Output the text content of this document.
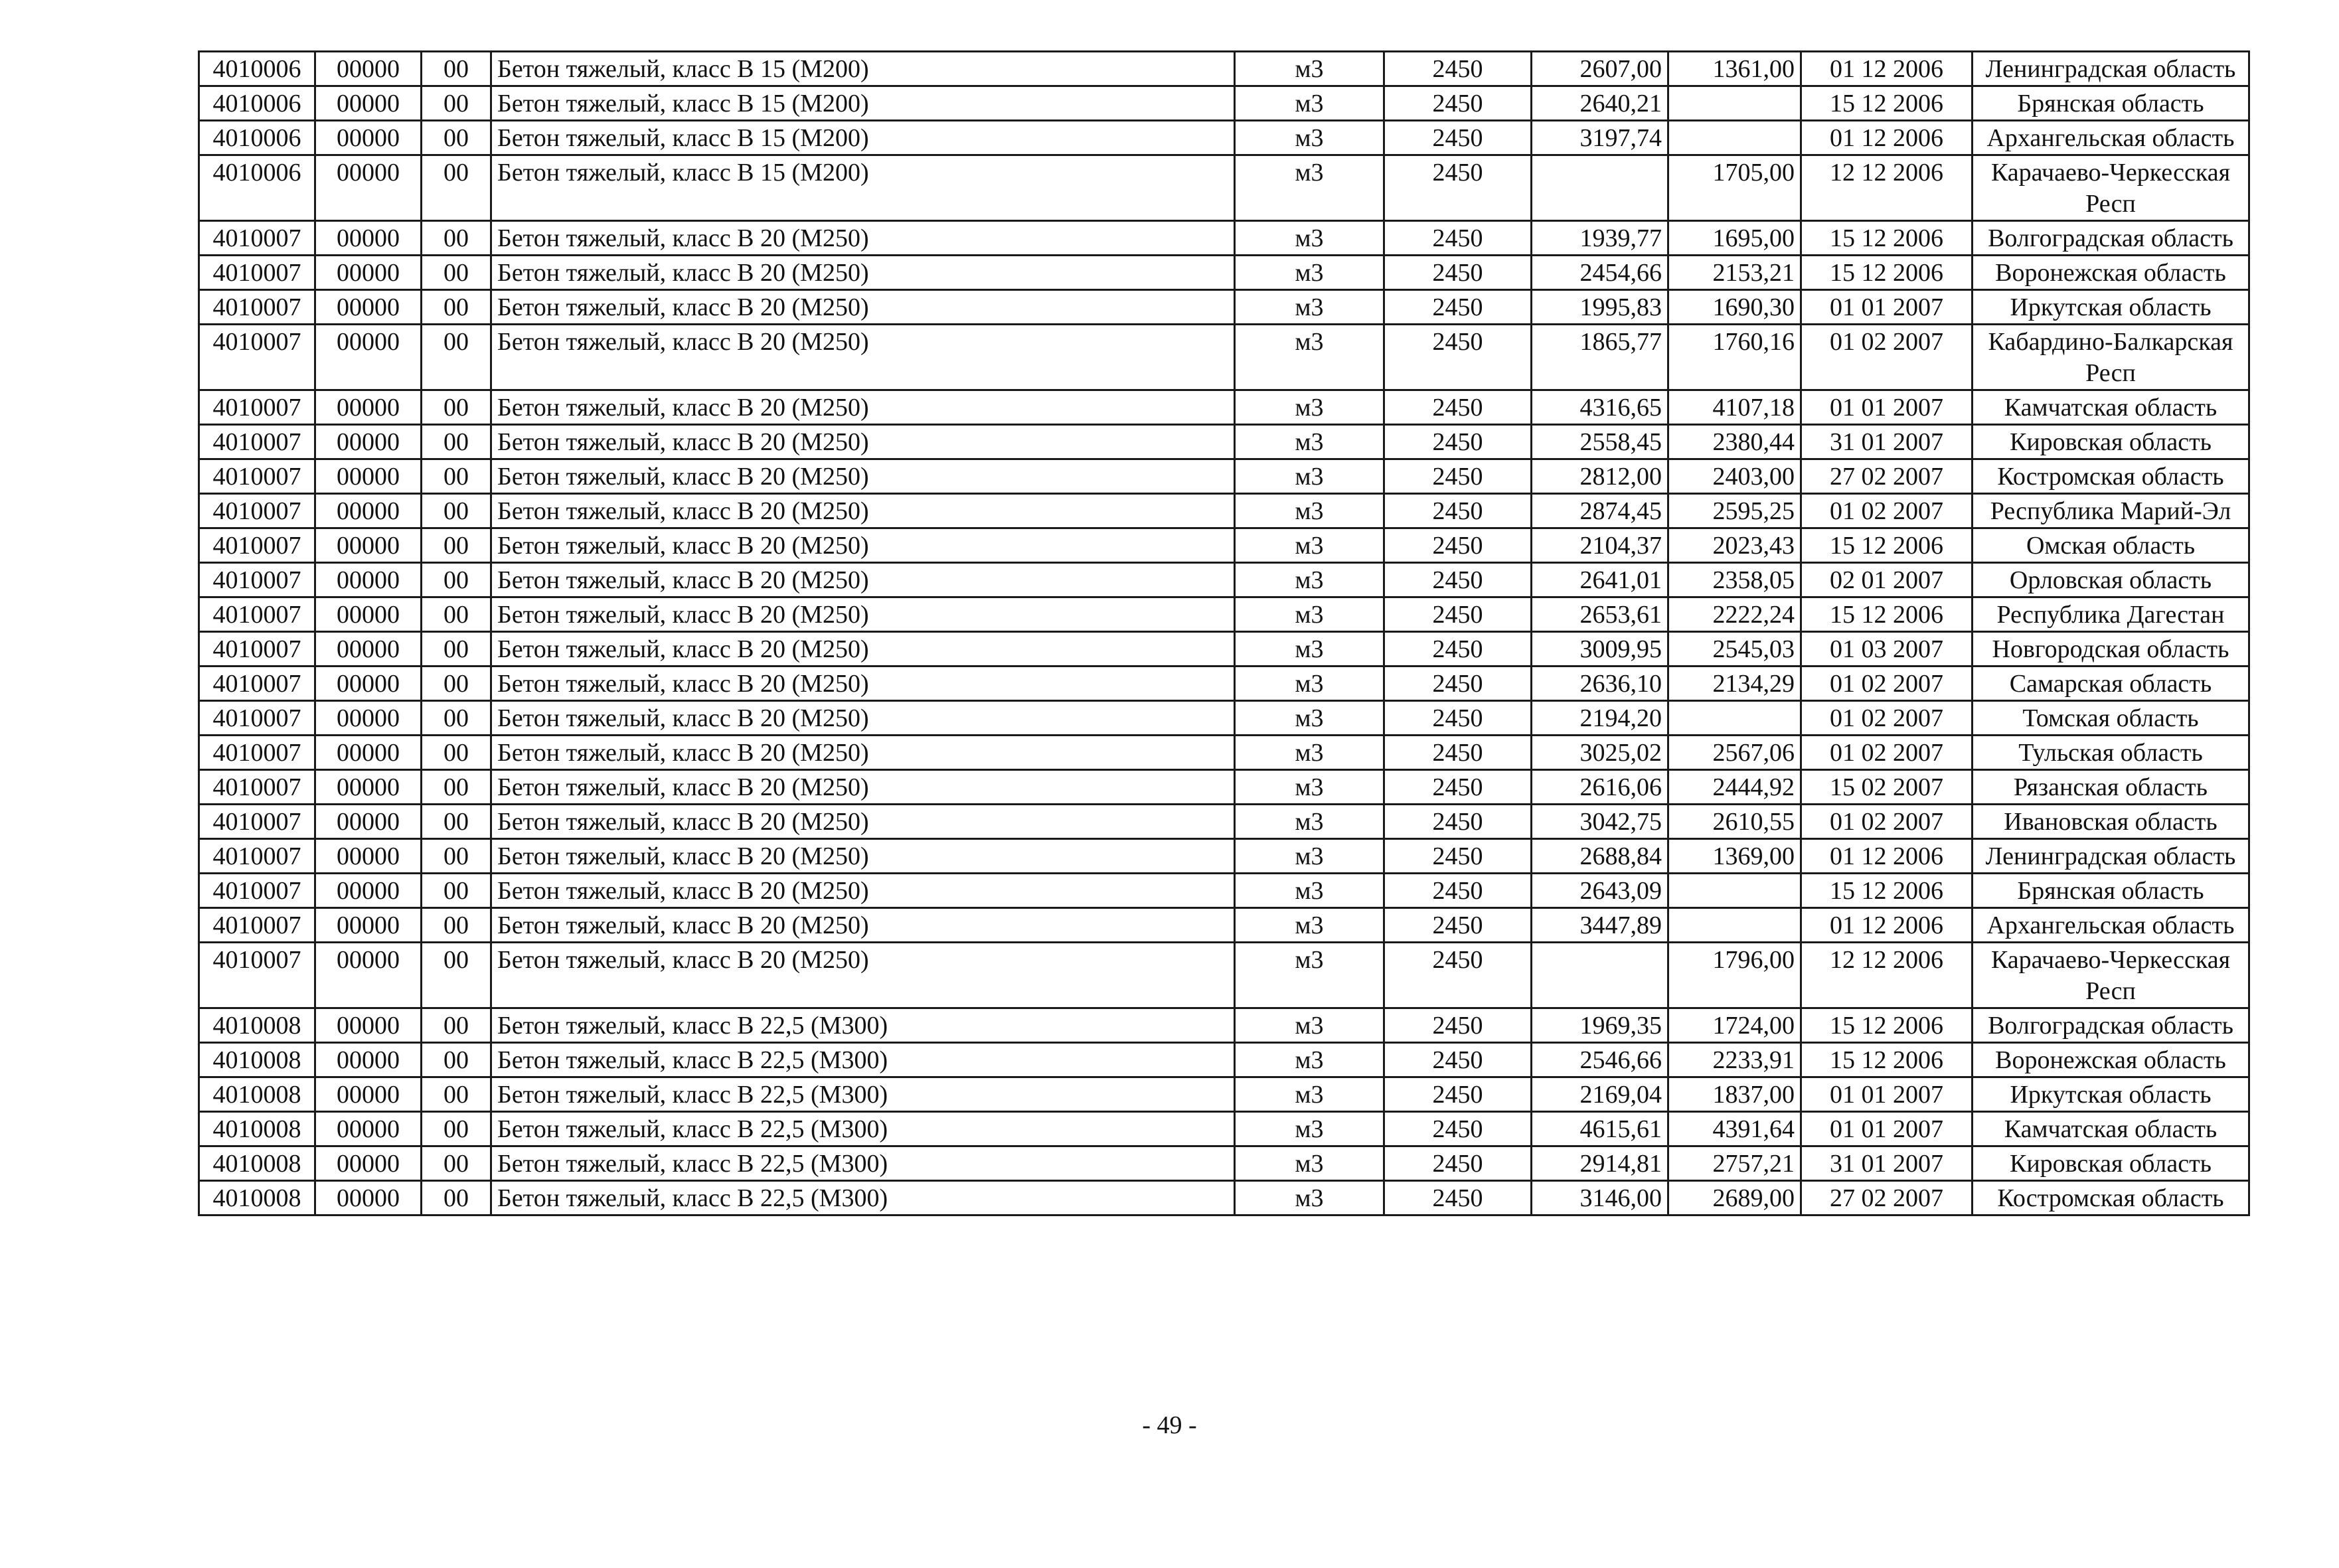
4010006	00000	00	Бетон тяжелый, класс В 15 (М200)	м3	2450	2607,00	1361,00	01 12 2006	Ленинградская область
4010006	00000	00	Бетон тяжелый, класс В 15 (М200)	м3	2450	2640,21		15 12 2006	Брянская область
4010006	00000	00	Бетон тяжелый, класс В 15 (М200)	м3	2450	3197,74		01 12 2006	Архангельская область
4010006	00000	00	Бетон тяжелый, класс В 15 (М200)	м3	2450		1705,00	12 12 2006	Карачаево-Черкесская Респ
4010007	00000	00	Бетон тяжелый, класс В 20 (М250)	м3	2450	1939,77	1695,00	15 12 2006	Волгоградская область
4010007	00000	00	Бетон тяжелый, класс В 20 (М250)	м3	2450	2454,66	2153,21	15 12 2006	Воронежская область
4010007	00000	00	Бетон тяжелый, класс В 20 (М250)	м3	2450	1995,83	1690,30	01 01 2007	Иркутская область
4010007	00000	00	Бетон тяжелый, класс В 20 (М250)	м3	2450	1865,77	1760,16	01 02 2007	Кабардино-Балкарская Респ
4010007	00000	00	Бетон тяжелый, класс В 20 (М250)	м3	2450	4316,65	4107,18	01 01 2007	Камчатская область
4010007	00000	00	Бетон тяжелый, класс В 20 (М250)	м3	2450	2558,45	2380,44	31 01 2007	Кировская область
4010007	00000	00	Бетон тяжелый, класс В 20 (М250)	м3	2450	2812,00	2403,00	27 02 2007	Костромская область
4010007	00000	00	Бетон тяжелый, класс В 20 (М250)	м3	2450	2874,45	2595,25	01 02 2007	Республика Марий-Эл
4010007	00000	00	Бетон тяжелый, класс В 20 (М250)	м3	2450	2104,37	2023,43	15 12 2006	Омская область
4010007	00000	00	Бетон тяжелый, класс В 20 (М250)	м3	2450	2641,01	2358,05	02 01 2007	Орловская область
4010007	00000	00	Бетон тяжелый, класс В 20 (М250)	м3	2450	2653,61	2222,24	15 12 2006	Республика Дагестан
4010007	00000	00	Бетон тяжелый, класс В 20 (М250)	м3	2450	3009,95	2545,03	01 03 2007	Новгородская область
4010007	00000	00	Бетон тяжелый, класс В 20 (М250)	м3	2450	2636,10	2134,29	01 02 2007	Самарская область
4010007	00000	00	Бетон тяжелый, класс В 20 (М250)	м3	2450	2194,20		01 02 2007	Томская область
4010007	00000	00	Бетон тяжелый, класс В 20 (М250)	м3	2450	3025,02	2567,06	01 02 2007	Тульская область
4010007	00000	00	Бетон тяжелый, класс В 20 (М250)	м3	2450	2616,06	2444,92	15 02 2007	Рязанская область
4010007	00000	00	Бетон тяжелый, класс В 20 (М250)	м3	2450	3042,75	2610,55	01 02 2007	Ивановская область
4010007	00000	00	Бетон тяжелый, класс В 20 (М250)	м3	2450	2688,84	1369,00	01 12 2006	Ленинградская область
4010007	00000	00	Бетон тяжелый, класс В 20 (М250)	м3	2450	2643,09		15 12 2006	Брянская область
4010007	00000	00	Бетон тяжелый, класс В 20 (М250)	м3	2450	3447,89		01 12 2006	Архангельская область
4010007	00000	00	Бетон тяжелый, класс В 20 (М250)	м3	2450		1796,00	12 12 2006	Карачаево-Черкесская Респ
4010008	00000	00	Бетон тяжелый, класс В 22,5 (М300)	м3	2450	1969,35	1724,00	15 12 2006	Волгоградская область
4010008	00000	00	Бетон тяжелый, класс В 22,5 (М300)	м3	2450	2546,66	2233,91	15 12 2006	Воронежская область
4010008	00000	00	Бетон тяжелый, класс В 22,5 (М300)	м3	2450	2169,04	1837,00	01 01 2007	Иркутская область
4010008	00000	00	Бетон тяжелый, класс В 22,5 (М300)	м3	2450	4615,61	4391,64	01 01 2007	Камчатская область
4010008	00000	00	Бетон тяжелый, класс В 22,5 (М300)	м3	2450	2914,81	2757,21	31 01 2007	Кировская область
4010008	00000	00	Бетон тяжелый, класс В 22,5 (М300)	м3	2450	3146,00	2689,00	27 02 2007	Костромская область
- 49 -
